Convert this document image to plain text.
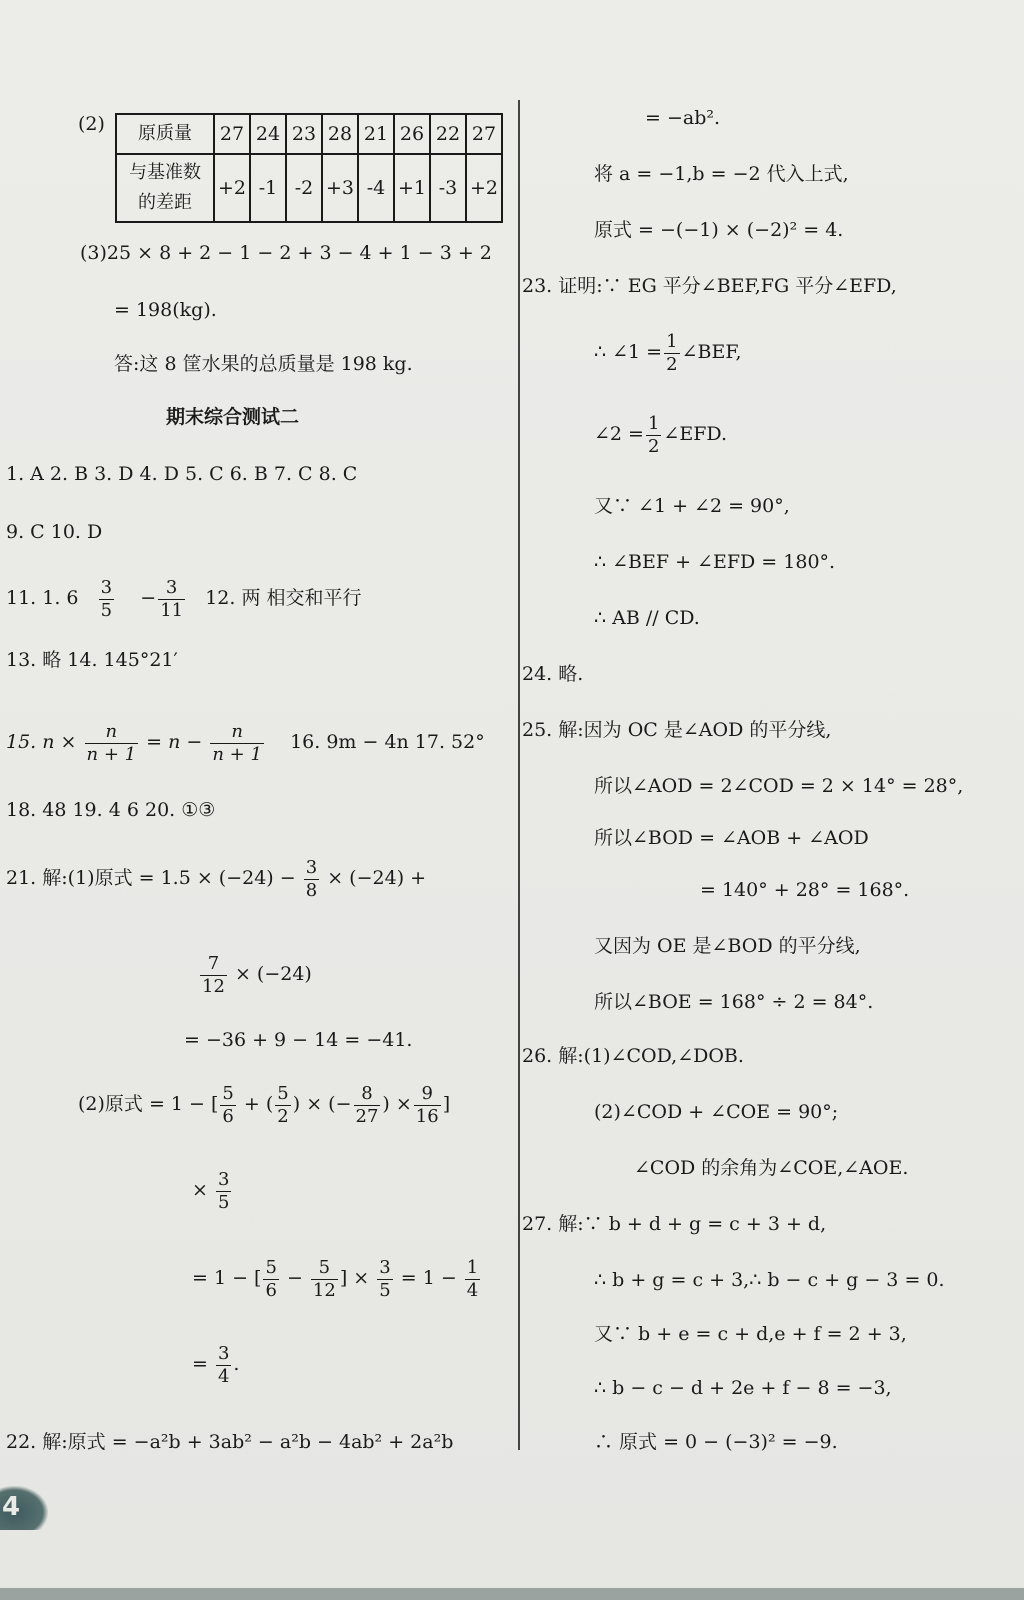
(2) 原质量	27	24	23	28	21	26	22	27

与基准数
的差距	+2	-1	-2	+3	-4	+1	-3	+2
(3)25 × 8 + 2 − 1 − 2 + 3 − 4 + 1 − 3 + 2
= 198(kg).
答:这 8 筐水果的总质量是 198 kg.
期末综合测试二
1. A 2. B 3. D 4. D 5. C 6. B 7. C 8. C
9. C 10. D
11. 1. $6 \frac{3}{5} - \frac{3}{11} 12$. 两 相交和平行
13. 略 14. 145°21′
15. $n \times \frac{n}{n + 1} = n - \frac{n}{n + 1} 16$. 9m − 4n 17. 52°
18. 48 19. 4 6 20. ①③
21. 解:(1)原式 = $1.5 \times (-24) - \frac{3}{8} \times (-24)$ +
$\frac{7}{12} \times (-24)$
= −36 + 9 − 14 = −41.
(2)原式 = 1 − [ $\frac{5}{6}$ + ( $\frac{5}{2}$ ) × (− $\frac{8}{27}$ ) × $\frac{9}{16}$ ]
× $\frac{3}{5}$
= 1 − [ $\frac{5}{6} - \frac{5}{12}$ ] × $\frac{3}{5} = 1 - \frac{1}{4}$
= $\frac{3}{4}$ .
22. 解:原式 = −a²b + 3ab² − a²b − 4ab² + 2a²b
= −ab².
将 a = −1,b = −2 代入上式,
原式 = −(−1) × (−2)² = 4.
23. 证明:∵ EG 平分∠BEF,FG 平分∠EFD,
∴ ∠1 = $\frac{1}{2}$ ∠BEF,
∠2 = $\frac{1}{2}$ ∠EFD.
又∵ ∠1 + ∠2 = 90°,
∴ ∠BEF + ∠EFD = 180°.
∴ AB // CD.
24. 略.
25. 解:因为 OC 是∠AOD 的平分线,
所以∠AOD = 2∠COD = 2 × 14° = 28°,
所以∠BOD = ∠AOB + ∠AOD
= 140° + 28° = 168°.
又因为 OE 是∠BOD 的平分线,
所以∠BOE = 168° ÷ 2 = 84°.
26. 解:(1)∠COD,∠DOB.
(2)∠COD + ∠COE = 90°;
∠COD 的余角为∠COE,∠AOE.
27. 解:∵ b + d + g = c + 3 + d,
∴ b + g = c + 3,∴ b − c + g − 3 = 0.
又∵ b + e = c + d,e + f = 2 + 3,
∴ b − c − d + 2e + f − 8 = −3,
∴ 原式 = 0 − (−3)² = −9.
4
